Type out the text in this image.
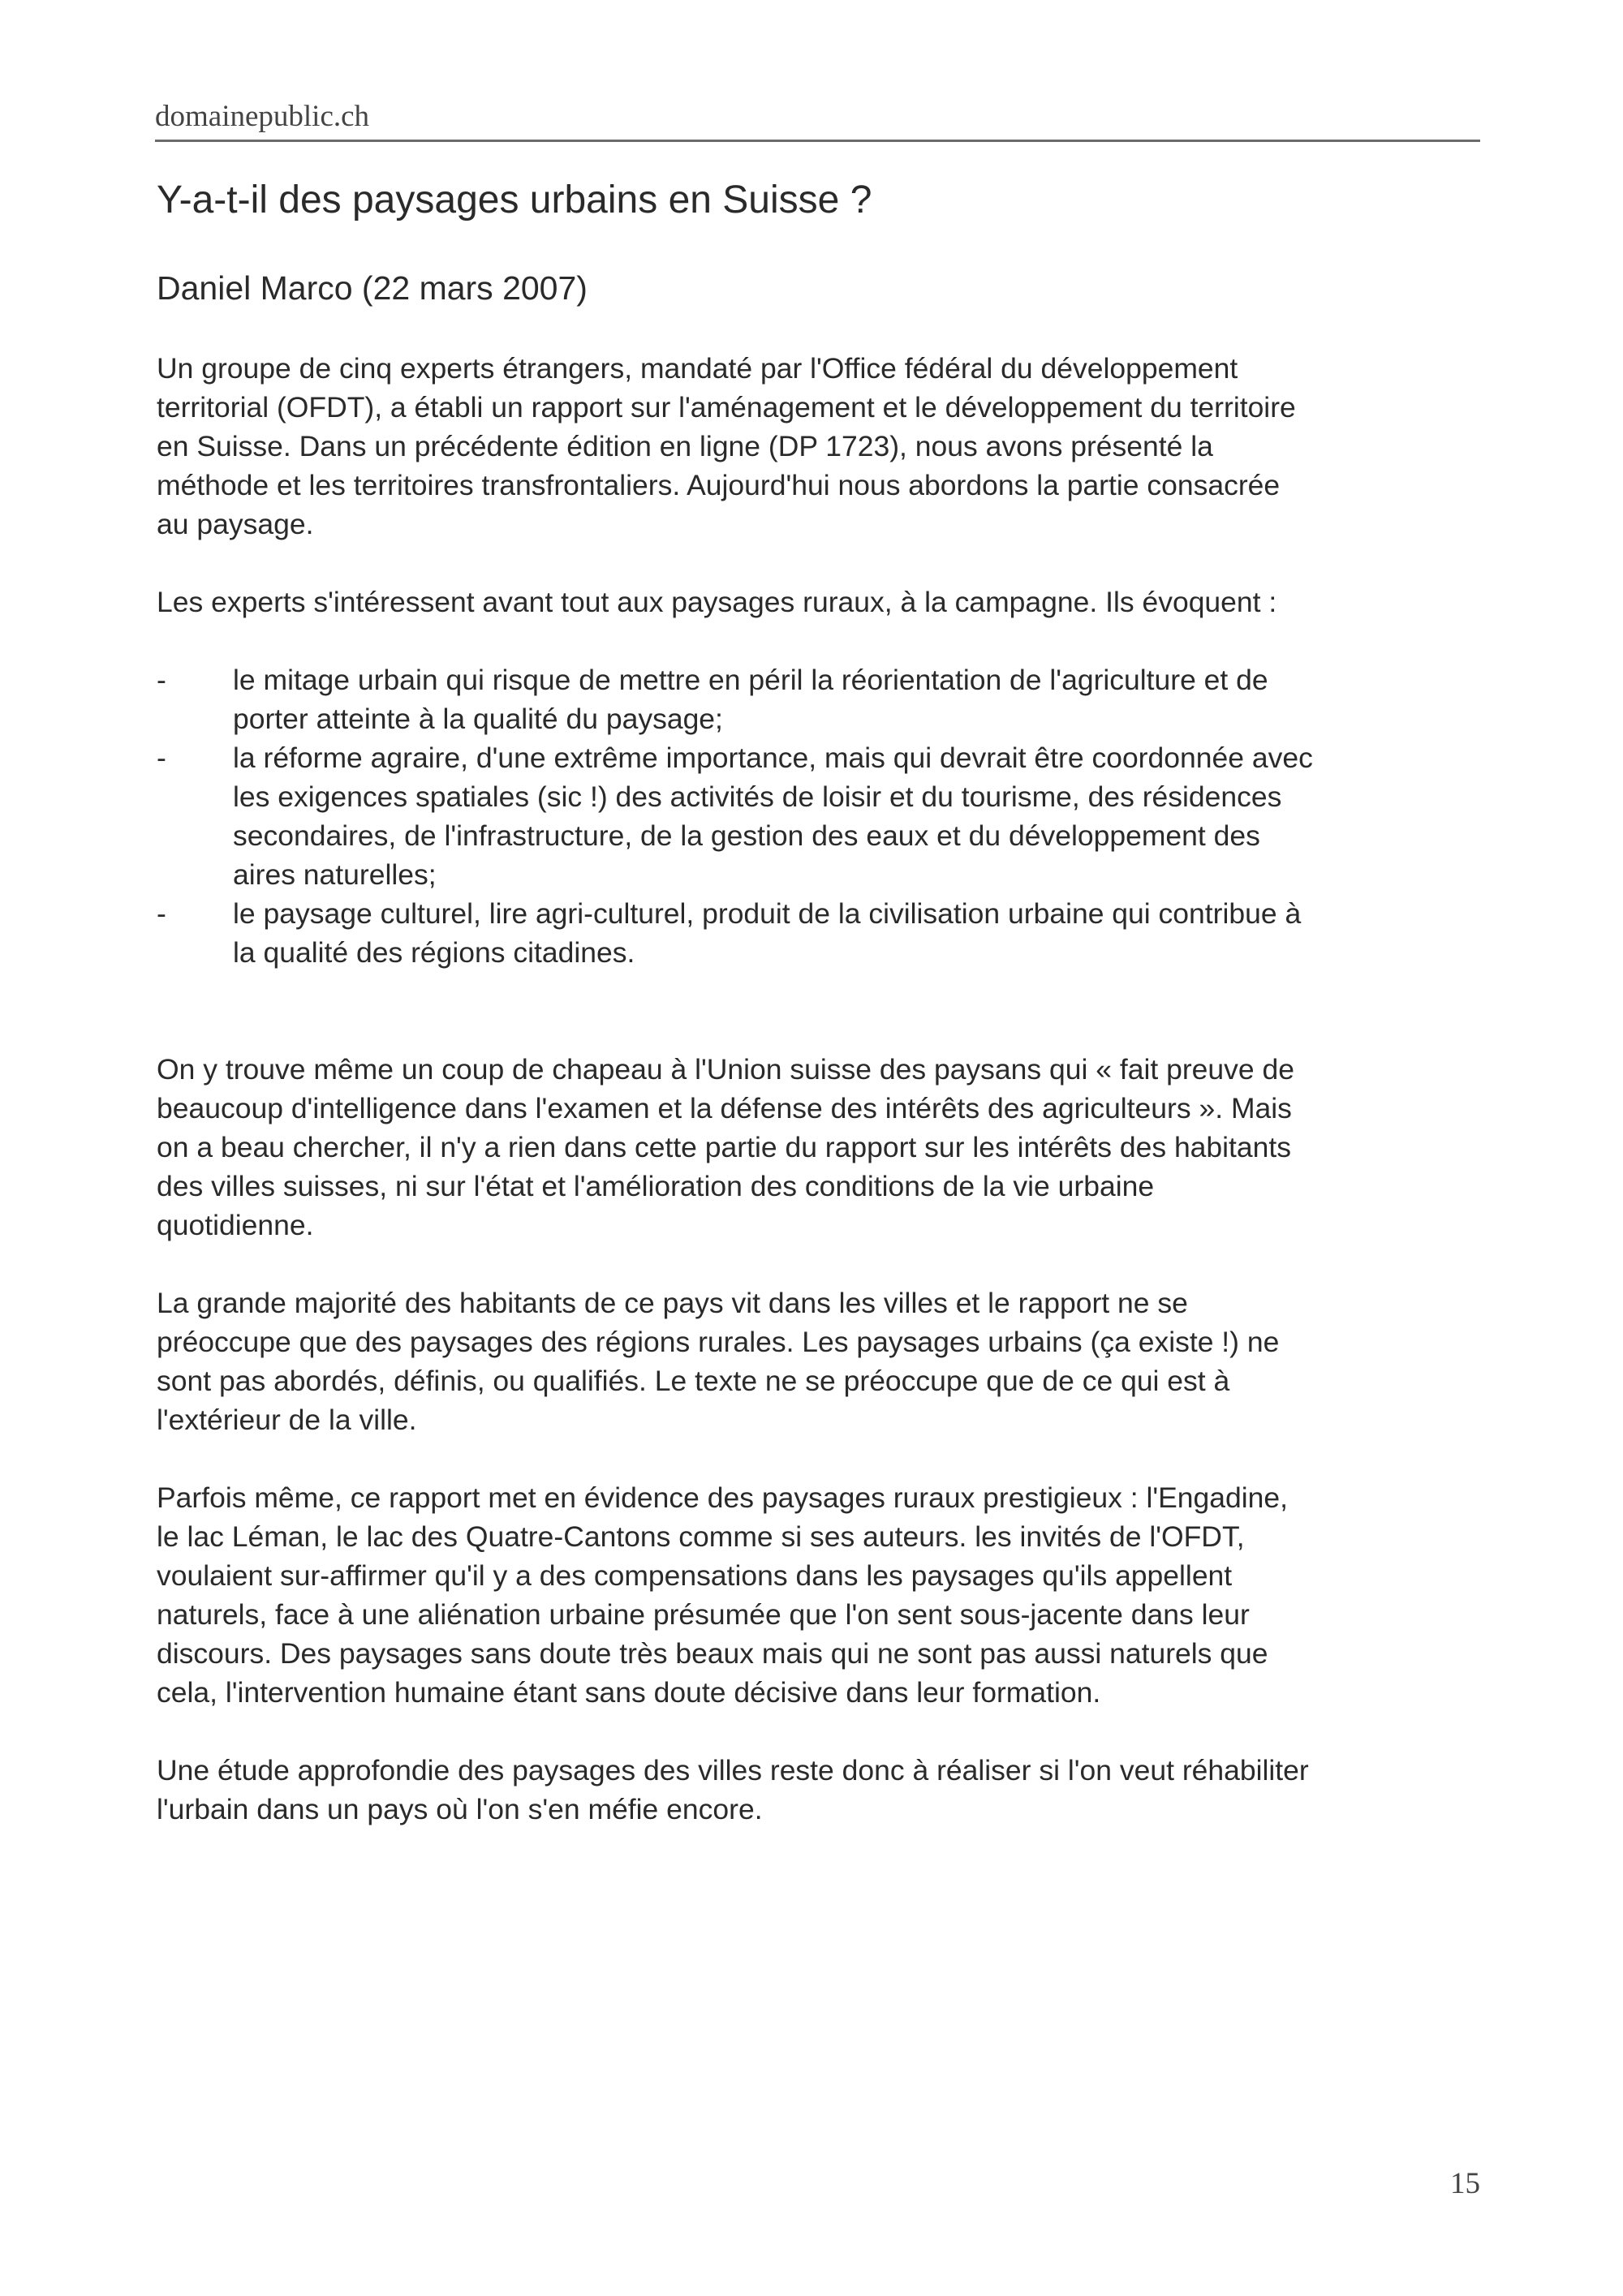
domainepublic.ch
Y-a-t-il des paysages urbains en Suisse ?
Daniel Marco (22 mars 2007)
Un groupe de cinq experts étrangers, mandaté par l'Office fédéral du développement
territorial (OFDT), a établi un rapport sur l'aménagement et le développement du territoire
en Suisse. Dans un précédente édition en ligne (DP 1723), nous avons présenté la
méthode et les territoires transfrontaliers. Aujourd'hui nous abordons la partie consacrée
au paysage.
Les experts s'intéressent avant tout aux paysages ruraux, à la campagne. Ils évoquent :
- le mitage urbain qui risque de mettre en péril la réorientation de l'agriculture et de
porter atteinte à la qualité du paysage;
- la réforme agraire, d'une extrême importance, mais qui devrait être coordonnée avec
les exigences spatiales (sic !) des activités de loisir et du tourisme, des résidences
secondaires, de l'infrastructure, de la gestion des eaux et du développement des
aires naturelles;
- le paysage culturel, lire agri-culturel, produit de la civilisation urbaine qui contribue à
la qualité des régions citadines.
On y trouve même un coup de chapeau à l'Union suisse des paysans qui « fait preuve de
beaucoup d'intelligence dans l'examen et la défense des intérêts des agriculteurs ». Mais
on a beau chercher, il n'y a rien dans cette partie du rapport sur les intérêts des habitants
des villes suisses, ni sur l'état et l'amélioration des conditions de la vie urbaine
quotidienne.
La grande majorité des habitants de ce pays vit dans les villes et le rapport ne se
préoccupe que des paysages des régions rurales. Les paysages urbains (ça existe !) ne
sont pas abordés, définis, ou qualifiés. Le texte ne se préoccupe que de ce qui est à
l'extérieur de la ville.
Parfois même, ce rapport met en évidence des paysages ruraux prestigieux : l'Engadine,
le lac Léman, le lac des Quatre-Cantons comme si ses auteurs. les invités de l'OFDT,
voulaient sur-affirmer qu'il y a des compensations dans les paysages qu'ils appellent
naturels, face à une aliénation urbaine présumée que l'on sent sous-jacente dans leur
discours. Des paysages sans doute très beaux mais qui ne sont pas aussi naturels que
cela, l'intervention humaine étant sans doute décisive dans leur formation.
Une étude approfondie des paysages des villes reste donc à réaliser si l'on veut réhabiliter
l'urbain dans un pays où l'on s'en méfie encore.
15
